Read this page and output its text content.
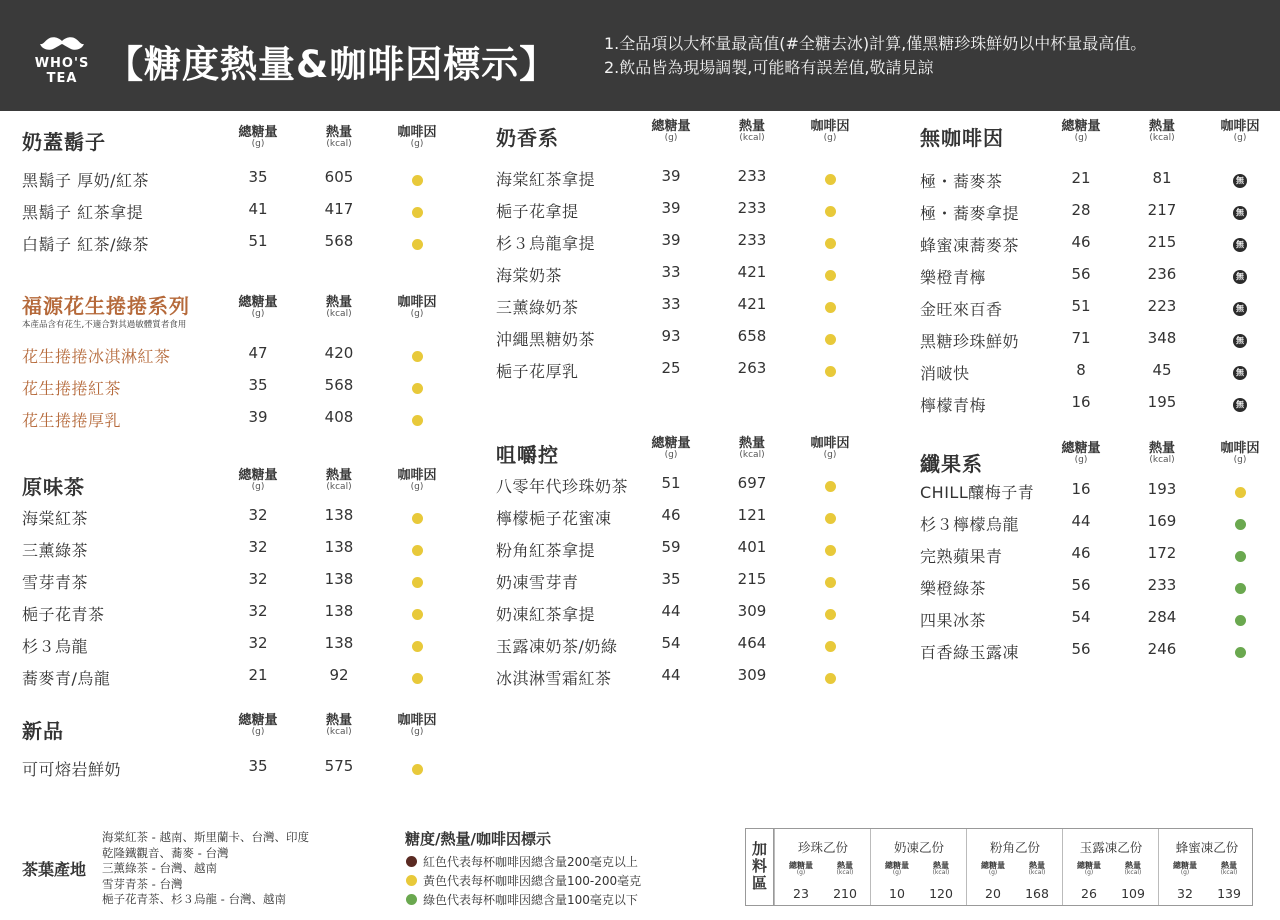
WHO'S TEA 【糖度熱量&咖啡因標示】	1.全品項以大杯量最高值(#全糖去冰)計算,僅黑糖珍珠鮮奶以中杯量最高值。
2.飲品皆為現場調製,可能略有誤差值,敬請見諒
奶蓋鬍子	總糖量
(g)
熱量
(kcal)
咖啡因
(g)
黑鬍子 厚奶/紅茶	35	605
黑鬍子 紅茶拿提	41	417
白鬍子 紅茶/綠茶	51	568
福源花生捲捲系列
本產品含有花生,不適合對其過敏體質者食用
總糖量
(g)
熱量
(kcal)
咖啡因
(g)
花生捲捲冰淇淋紅茶	47	420
花生捲捲紅茶	35	568
花生捲捲厚乳	39	408
原味茶	總糖量
(g)
熱量
(kcal)
咖啡因
(g)
海棠紅茶	32	138
三薰綠茶	32	138
雪芽青茶	32	138
梔子花青茶	32	138
杉３烏龍	32	138
蕎麥青/烏龍	21	92
新品	總糖量
(g)
熱量
(kcal)
咖啡因
(g)
可可熔岩鮮奶	35	575
奶香系	總糖量
(g)
熱量
(kcal)
咖啡因
(g)
海棠紅茶拿提	39	233
梔子花拿提	39	233
杉３烏龍拿提	39	233
海棠奶茶	33	421
三薰綠奶茶	33	421
沖繩黑糖奶茶	93	658
梔子花厚乳	25	263
咀嚼控	總糖量
(g)
熱量
(kcal)
咖啡因
(g)
八零年代珍珠奶茶	51	697
檸檬梔子花蜜凍	46	121
粉角紅茶拿提	59	401
奶凍雪芽青	35	215
奶凍紅茶拿提	44	309
玉露凍奶茶/奶綠	54	464
冰淇淋雪霜紅茶	44	309
無咖啡因	總糖量
(g)
熱量
(kcal)
咖啡因
(g)
極・蕎麥茶	21	81	無
極・蕎麥拿提	28	217	無
蜂蜜凍蕎麥茶	46	215	無
樂橙青檸	56	236	無
金旺來百香	51	223	無
黑糖珍珠鮮奶	71	348	無
消啵快	8	45	無
檸檬青梅	16	195	無
纖果系
總糖量
(g)
熱量
(kcal)
咖啡因
(g)
CHILL釀梅子青	16	193
杉３檸檬烏龍	44	169
完熟蘋果青	46	172
樂橙綠茶	56	233
四果冰茶	54	284
百香綠玉露凍	56	246
茶葉產地
海棠紅茶 - 越南、斯里蘭卡、台灣、印度
乾隆鐵觀音、蕎麥 - 台灣
三薰綠茶 - 台灣、越南
雪芽青茶 - 台灣
梔子花青茶、杉３烏龍 - 台灣、越南
糖度/熱量/咖啡因標示
紅色代表每杯咖啡因總含量200毫克以上
黃色代表每杯咖啡因總含量100-200毫克
綠色代表每杯咖啡因總含量100毫克以下
加
料
區
珍珠乙份
總糖量
(g)
熱量
(kcal)
23	210
奶凍乙份
總糖量
(g)
熱量
(kcal)
10	120
粉角乙份
總糖量
(g)
熱量
(kcal)
20	168
玉露凍乙份
總糖量
(g)
熱量
(kcal)
26	109
蜂蜜凍乙份
總糖量
(g)
熱量
(kcal)
32	139
